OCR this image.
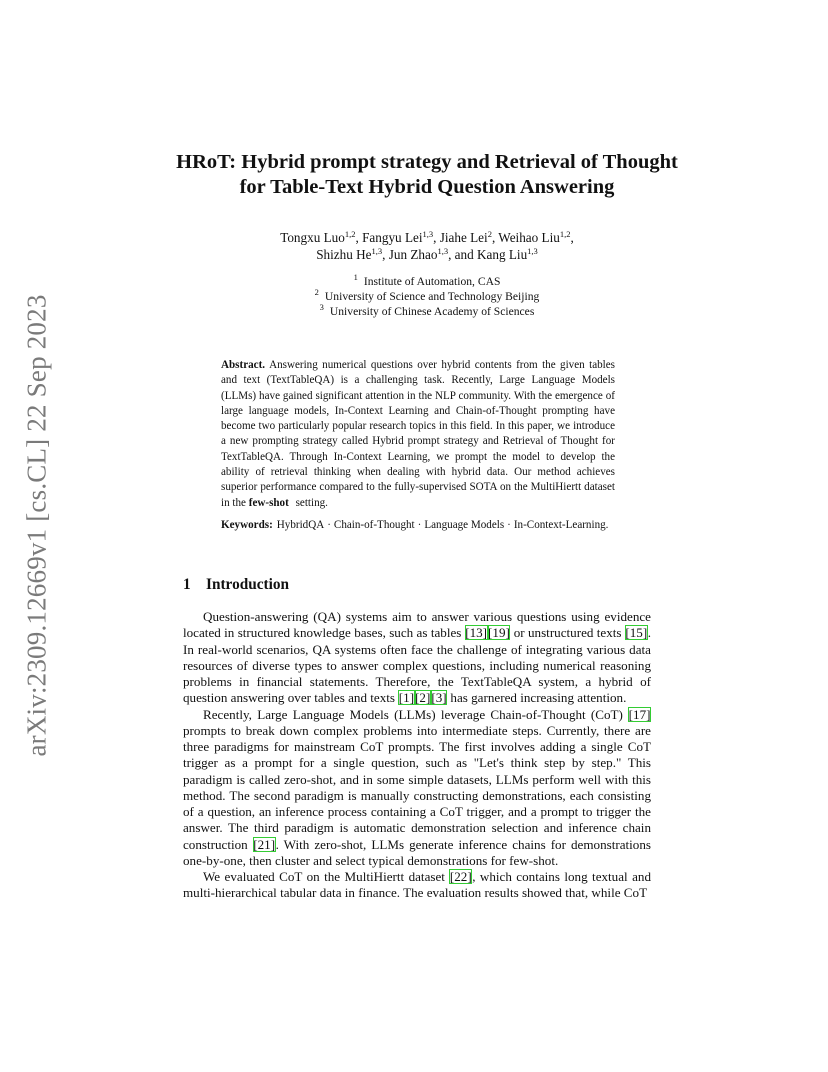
arXiv:2309.12669v1 [cs.CL] 22 Sep 2023
HRoT: Hybrid prompt strategy and Retrieval of Thought
for Table-Text Hybrid Question Answering
Tongxu Luo$^{1,2}$, Fangyu Lei$^{1,3}$, Jiahe Lei$^2$, Weihao Liu$^{1,2}$,
Shizhu He$^{1,3}$, Jun Zhao$^{1,3}$, and Kang Liu$^{1,3}$
$^1$ Institute of Automation, CAS
$^2$ University of Science and Technology Beijing
$^3$ University of Chinese Academy of Sciences
Abstract. Answering numerical questions over hybrid contents from the given tables and text (TextTableQA) is a challenging task. Recently, Large Language Models (LLMs) have gained significant attention in the NLP community. With the emergence of large language models, In-Context Learning and Chain-of-Thought prompting have become two particularly popular research topics in this field. In this paper, we introduce a new prompting strategy called Hybrid prompt strategy and Retrieval of Thought for TextTableQA. Through In-Context Learning, we prompt the model to develop the ability of retrieval thinking when dealing with hybrid data. Our method achieves superior performance compared to the fully-supervised SOTA on the MultiHiertt dataset in the few-shot setting.
Keywords: HybridQA · Chain-of-Thought · Language Models · In-Context-Learning.
1 Introduction

Question-answering (QA) systems aim to answer various questions using evidence located in structured knowledge bases, such as tables [13][19] or unstructured texts [15]. In real-world scenarios, QA systems often face the challenge of integrating various data resources of diverse types to answer complex questions, including numerical reasoning problems in financial statements. Therefore, the TextTableQA system, a hybrid of question answering over tables and texts [1][2][3] has garnered increasing attention.

Recently, Large Language Models (LLMs) leverage Chain-of-Thought (CoT) [17] prompts to break down complex problems into intermediate steps. Currently, there are three paradigms for mainstream CoT prompts. The first involves adding a single CoT trigger as a prompt for a single question, such as "Let's think step by step." This paradigm is called zero-shot, and in some simple datasets, LLMs perform well with this method. The second paradigm is manually constructing demonstrations, each consisting of a question, an inference process containing a CoT trigger, and a prompt to trigger the answer. The third paradigm is automatic demonstration selection and inference chain construction [21]. With zero-shot, LLMs generate inference chains for demonstrations one-by-one, then cluster and select typical demonstrations for few-shot.

We evaluated CoT on the MultiHiertt dataset [22], which contains long textual and multi-hierarchical tabular data in finance. The evaluation results showed that, while CoT
